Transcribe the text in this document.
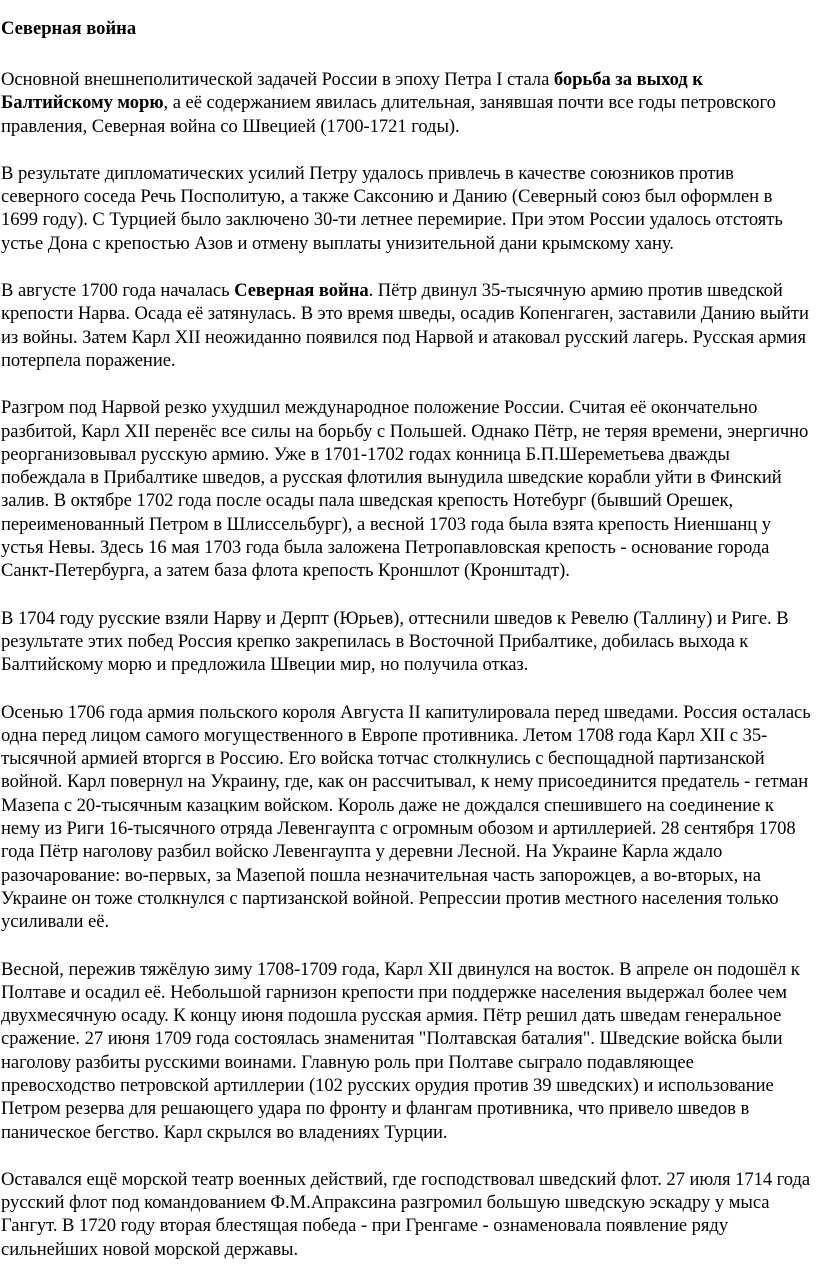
Северная война
Основной внешнеполитической задачей России в эпоху Петра I стала борьба за выход к Балтийскому морю, а её содержанием явилась длительная, занявшая почти все годы петровского правления, Северная война со Швецией (1700-1721 годы).
В результате дипломатических усилий Петру удалось привлечь в качестве союзников против северного соседа Речь Посполитую, а также Саксонию и Данию (Северный союз был оформлен в 1699 году). С Турцией было заключено 30-ти летнее перемирие. При этом России удалось отстоять устье Дона с крепостью Азов и отмену выплаты унизительной дани крымскому хану.
В августе 1700 года началась Северная война. Пётр двинул 35-тысячную армию против шведской крепости Нарва. Осада её затянулась. В это время шведы, осадив Копенгаген, заставили Данию выйти из войны. Затем Карл XII неожиданно появился под Нарвой и атаковал русский лагерь. Русская армия потерпела поражение.
Разгром под Нарвой резко ухудшил международное положение России. Считая её окончательно разбитой, Карл XII перенёс все силы на борьбу с Польшей. Однако Пётр, не теряя времени, энергично реорганизовывал русскую армию. Уже в 1701-1702 годах конница Б.П.Шереметьева дважды побеждала в Прибалтике шведов, а русская флотилия вынудила шведские корабли уйти в Финский залив. В октябре 1702 года после осады пала шведская крепость Нотебург (бывший Орешек, переименованный Петром в Шлиссельбург), а весной 1703 года была взята крепость Ниеншанц у устья Невы. Здесь 16 мая 1703 года была заложена Петропавловская крепость - основание города Санкт-Петербурга, а затем база флота крепость Кроншлот (Кронштадт).
В 1704 году русские взяли Нарву и Дерпт (Юрьев), оттеснили шведов к Ревелю (Таллину) и Риге. В результате этих побед Россия крепко закрепилась в Восточной Прибалтике, добилась выхода к Балтийскому морю и предложила Швеции мир, но получила отказ.
Осенью 1706 года армия польского короля Августа II капитулировала перед шведами. Россия осталась одна перед лицом самого могущественного в Европе противника. Летом 1708 года Карл XII с 35-тысячной армией вторгся в Россию. Его войска тотчас столкнулись с беспощадной партизанской войной. Карл повернул на Украину, где, как он рассчитывал, к нему присоединится предатель - гетман Мазепа с 20-тысячным казацким войском. Король даже не дождался спешившего на соединение к нему из Риги 16-тысячного отряда Левенгаупта с огромным обозом и артиллерией. 28 сентября 1708 года Пётр наголову разбил войско Левенгаупта у деревни Лесной. На Украине Карла ждало разочарование: во-первых, за Мазепой пошла незначительная часть запорожцев, а во-вторых, на Украине он тоже столкнулся с партизанской войной. Репрессии против местного населения только усиливали её.
Весной, пережив тяжёлую зиму 1708-1709 года, Карл XII двинулся на восток. В апреле он подошёл к Полтаве и осадил её. Небольшой гарнизон крепости при поддержке населения выдержал более чем двухмесячную осаду. К концу июня подошла русская армия. Пётр решил дать шведам генеральное сражение. 27 июня 1709 года состоялась знаменитая "Полтавская баталия". Шведские войска были наголову разбиты русскими воинами. Главную роль при Полтаве сыграло подавляющее превосходство петровской артиллерии (102 русских орудия против 39 шведских) и использование Петром резерва для решающего удара по фронту и флангам противника, что привело шведов в паническое бегство. Карл скрылся во владениях Турции.
Оставался ещё морской театр военных действий, где господствовал шведский флот. 27 июля 1714 года русский флот под командованием Ф.М.Апраксина разгромил большую шведскую эскадру у мыса Гангут. В 1720 году вторая блестящая победа - при Гренгаме - ознаменовала появление ряду сильнейших новой морской державы.
